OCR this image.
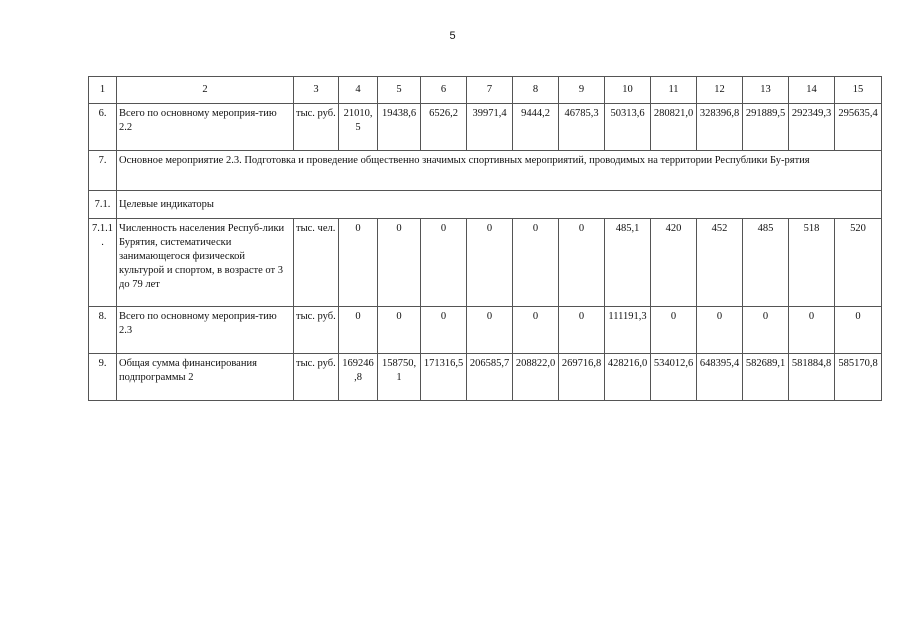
5
1	2	3	4	5	6	7	8	9	10	11	12	13	14	15
6.	Всего по основному мероприя-тию 2.2	тыс. руб.	21010,5	19438,6	6526,2	39971,4	9444,2	46785,3	50313,6	280821,0	328396,8	291889,5	292349,3	295635,4
7.	Основное мероприятие 2.3. Подготовка и проведение общественно значимых спортивных мероприятий, проводимых на территории Республики Бу-рятия													
7.1.	Целевые индикаторы													
7.1.1.	Численность населения Респуб-лики Бурятия, систематически занимающегося физической культурой и спортом, в возрасте от 3 до 79 лет	тыс. чел.	0	0	0	0	0	0	485,1	420	452	485	518	520
8.	Всего по основному мероприя-тию 2.3	тыс. руб.	0	0	0	0	0	0	111191,3	0	0	0	0	0
9.	Общая сумма финансирования подпрограммы 2	тыс. руб.	169246,8	158750,1	171316,5	206585,7	208822,0	269716,8	428216,0	534012,6	648395,4	582689,1	581884,8	585170,8
